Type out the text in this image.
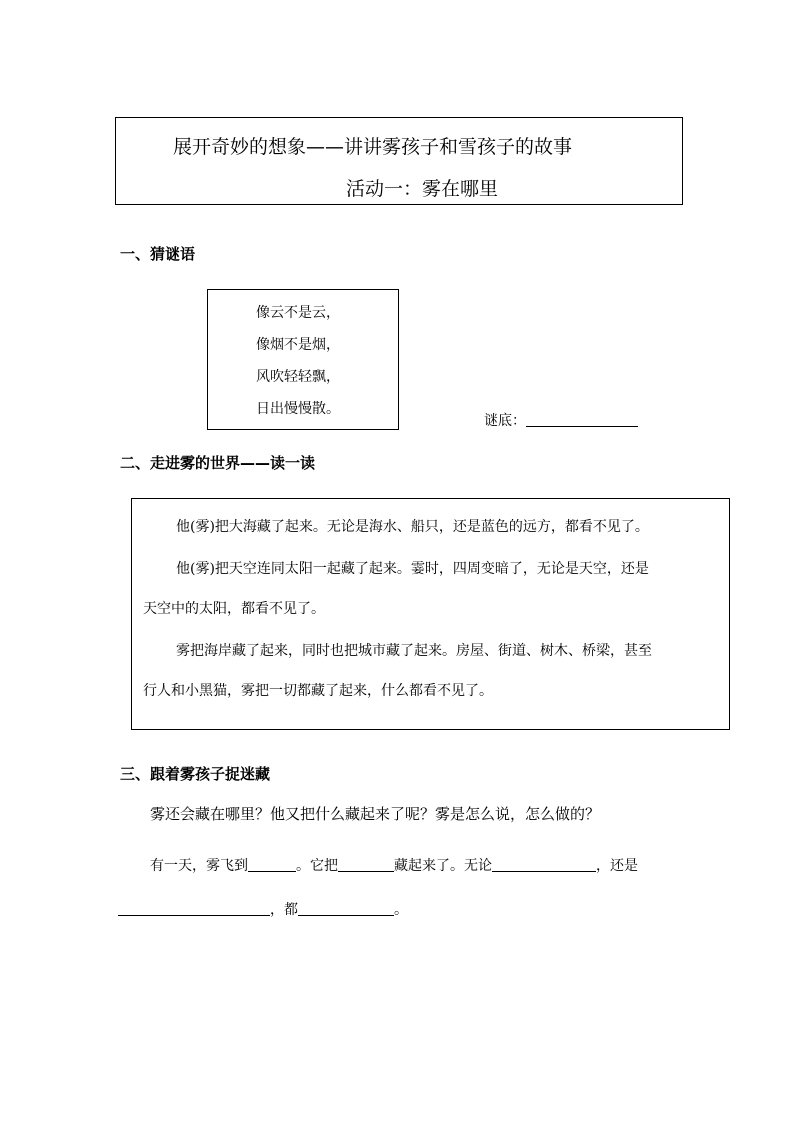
展开奇妙的想象——讲讲雾孩子和雪孩子的故事
活动一：雾在哪里
一、猜谜语
像云不是云，
像烟不是烟，
风吹轻轻飘，
日出慢慢散。
谜底：
二、走进雾的世界——读一读
他(雾)把大海藏了起来。无论是海水、船只，还是蓝色的远方，都看不见了。
他(雾)把天空连同太阳一起藏了起来。霎时，四周变暗了，无论是天空，还是
天空中的太阳，都看不见了。
雾把海岸藏了起来，同时也把城市藏了起来。房屋、街道、树木、桥梁，甚至
行人和小黑猫，雾把一切都藏了起来，什么都看不见了。
三、跟着雾孩子捉迷藏
雾还会藏在哪里？他又把什么藏起来了呢？雾是怎么说，怎么做的？
有一天，雾飞到	。它把	藏起来了。无论	，还是
，都	。
